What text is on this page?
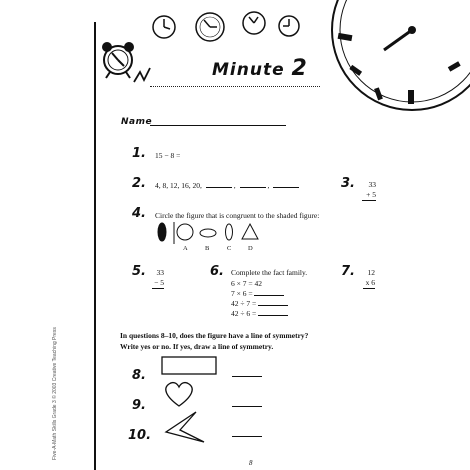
Minute 2
Name
1. 15 − 8 =
2. 4, 8, 12, 16, 20,	,	,	3.	33
+ 5
4. Circle the figure that is congruent to the shaded figure:
A	B	C	D
5.	33
− 5
6. Complete the fact family.
6 × 7 = 42
7 × 6 =
42 ÷ 7 =
42 ÷ 6 =
7.	12
x 6
In questions 8–10, does the figure have a line of symmetry?
Write yes or no. If yes, draw a line of symmetry.
8.
9.
10.
Five-A-Math Skills Grade 3 © 2003 Creative Teaching Press
8
